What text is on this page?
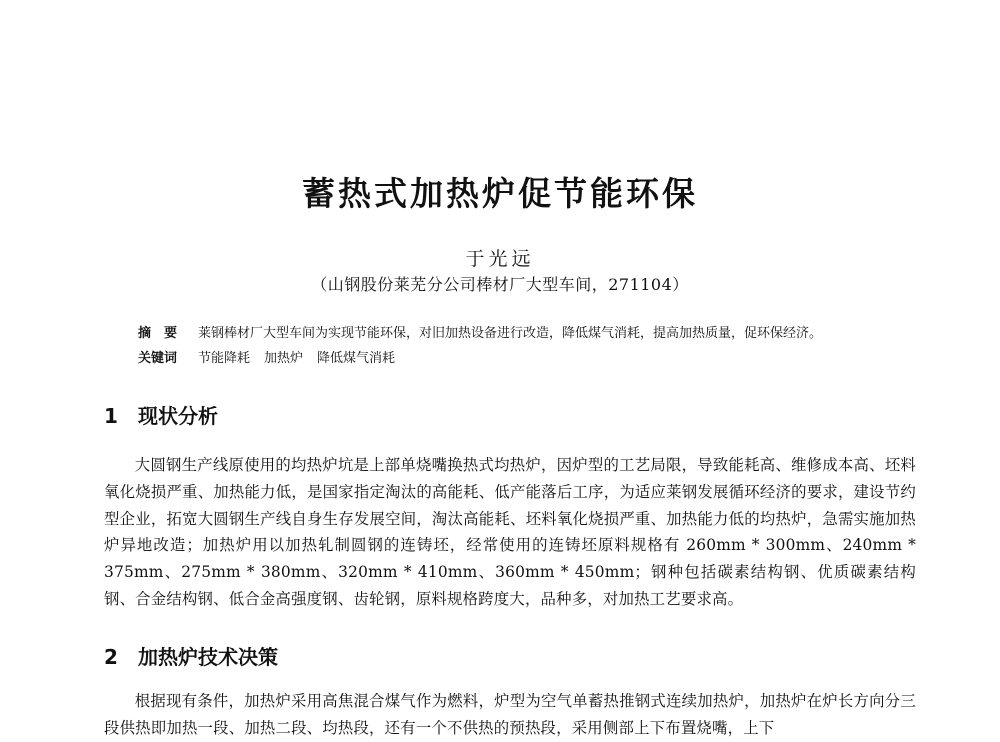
蓄热式加热炉促节能环保
于光远
（山钢股份莱芜分公司棒材厂大型车间，271104）
摘　要 莱钢棒材厂大型车间为实现节能环保，对旧加热设备进行改造，降低煤气消耗，提高加热质量，促环保经济。
关键词 节能降耗 加热炉 降低煤气消耗
1 现状分析

大圆钢生产线原使用的均热炉坑是上部单烧嘴换热式均热炉，因炉型的工艺局限，导致能耗高、维修成本高、坯料氧化烧损严重、加热能力低，是国家指定淘汰的高能耗、低产能落后工序，为适应莱钢发展循环经济的要求，建设节约型企业，拓宽大圆钢生产线自身生存发展空间，淘汰高能耗、坯料氧化烧损严重、加热能力低的均热炉，急需实施加热炉异地改造；加热炉用以加热轧制圆钢的连铸坯，经常使用的连铸坯原料规格有 260mm * 300mm、240mm * 375mm、275mm * 380mm、320mm * 410mm、360mm * 450mm；钢种包括碳素结构钢、优质碳素结构钢、合金结构钢、低合金高强度钢、齿轮钢，原料规格跨度大，品种多，对加热工艺要求高。

2 加热炉技术决策

根据现有条件，加热炉采用高焦混合煤气作为燃料，炉型为空气单蓄热推钢式连续加热炉，加热炉在炉长方向分三段供热即加热一段、加热二段、均热段，还有一个不供热的预热段，采用侧部上下布置烧嘴，上下
